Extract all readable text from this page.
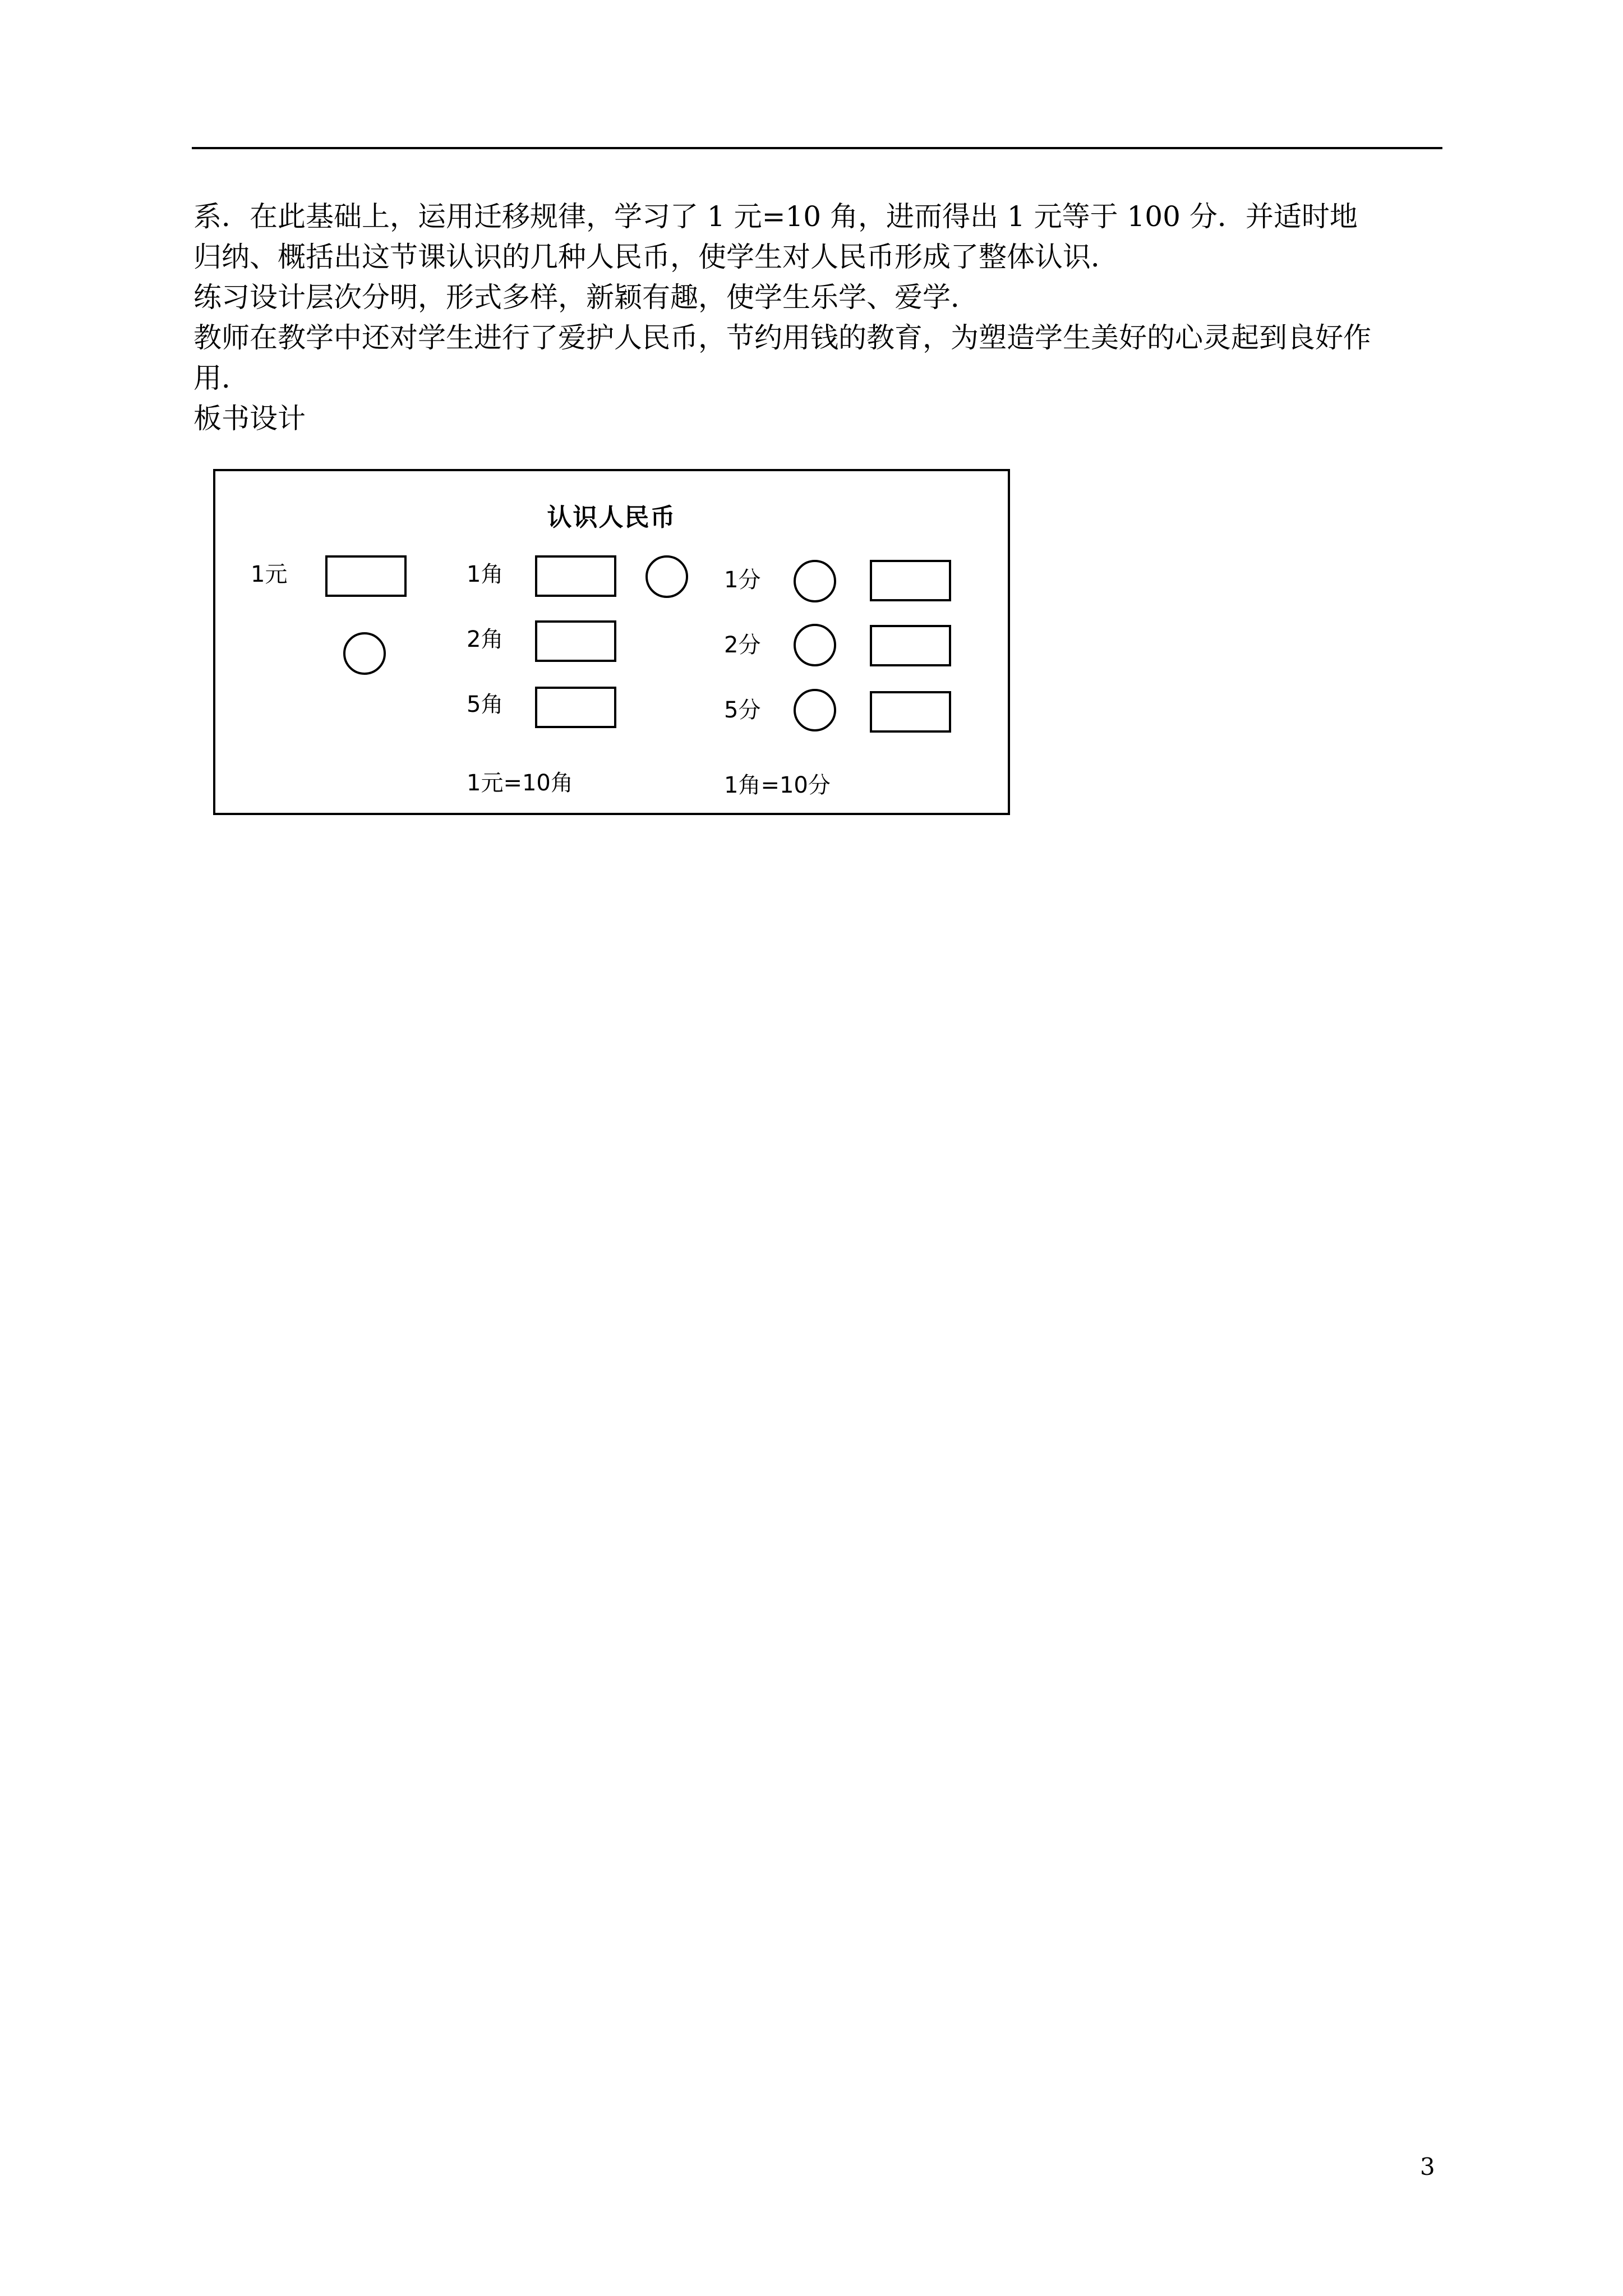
系．在此基础上，运用迁移规律，学习了 1 元=10 角，进而得出 1 元等于 100 分．并适时地

归纳、概括出这节课认识的几种人民币，使学生对人民币形成了整体认识．

练习设计层次分明，形式多样，新颖有趣，使学生乐学、爱学．

教师在教学中还对学生进行了爱护人民币，节约用钱的教育，为塑造学生美好的心灵起到良好作

用．

板书设计

认识人民币
1元	1角
2角
5角
1分
2分
5分
1元=10角	1角=10分
3
